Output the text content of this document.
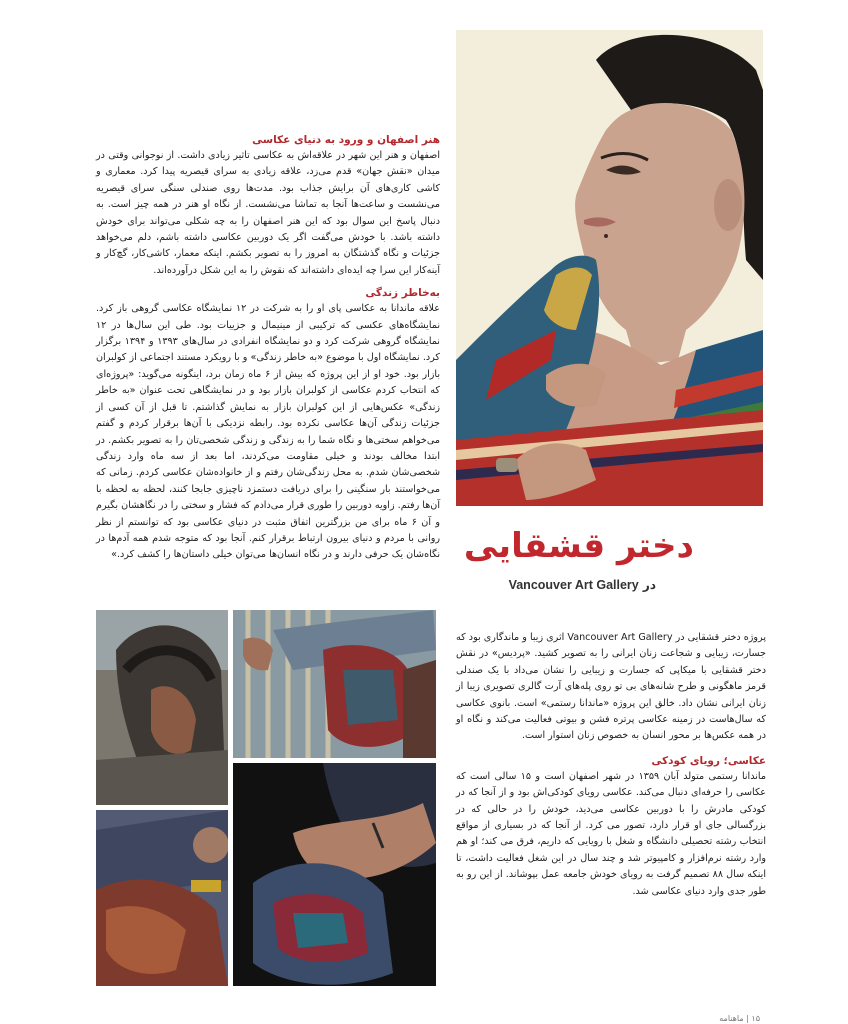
هنر اصفهان و ورود به دنیای عکاسی

اصفهان و هنر این شهر در علاقه‌اش به عکاسی تاثیر زیادی داشت. از نوجوانی وقتی در میدان «نقش جهان» قدم می‌زد، علاقه زیادی به سرای قیصریه پیدا کرد. معماری و کاشی کاری‌های آن برایش جذاب بود. مدت‌ها روی صندلی سنگی سرای قیصریه می‌نشست و ساعت‌ها آنجا به تماشا می‌نشست. از نگاه او هنر در همه چیز است. به دنبال پاسخ این سوال بود که این هنر اصفهان را به چه شکلی می‌تواند برای خودش داشته باشد. با خودش می‌گفت اگر یک دوربین عکاسی داشته باشم، دلم می‌خواهد جزئیات و نگاه گذشتگان به امروز را به تصویر بکشم. اینکه معمار، کاشی‌کار، گچ‌کار و آینه‌کار این سرا چه ایده‌ای داشته‌اند که نقوش را به این شکل درآورده‌اند.

به‌خاطر زندگی

علاقه ماندانا به عکاسی پای او را به شرکت در ۱۲ نمایشگاه عکاسی گروهی باز کرد. نمایشگاه‌های عکسی که ترکیبی از مینیمال و جزییات بود. طی این سال‌ها در ۱۲ نمایشگاه گروهی شرکت کرد و دو نمایشگاه انفرادی در سال‌های ۱۳۹۳ و ۱۳۹۴ برگزار کرد. نمایشگاه اول با موضوع «به خاطر زندگی» و با رویکرد مستند اجتماعی از کولبران بازار بود. خود او از این پروژه که بیش از ۶ ماه زمان برد، اینگونه می‌گوید: «پروژه‌ای که انتخاب کردم عکاسی از کولبران بازار بود و در نمایشگاهی تحت عنوان «به خاطر زندگی» عکس‌هایی از این کولبران بازار به نمایش گذاشتم. تا قبل از آن کسی از جزئیات زندگی آن‌ها عکاسی نکرده بود. رابطه نزدیکی با آن‌ها برقرار کردم و گفتم می‌خواهم سختی‌ها و نگاه شما را به زندگی و زندگی شخصی‌تان را به تصویر بکشم. در ابتدا مخالف بودند و خیلی مقاومت می‌کردند، اما بعد از سه ماه وارد زندگی شخصی‌شان شدم. به محل زندگی‌شان رفتم و از خانواده‌شان عکاسی کردم. زمانی که می‌خواستند بار سنگینی را برای دریافت دستمزد ناچیزی جابجا کنند، لحظه به لحظه با آن‌ها رفتم. زاویه دوربین را طوری قرار می‌دادم که فشار و سختی را در نگاهشان بگیرم و آن ۶ ماه برای من بزرگترین اتفاق مثبت در دنیای عکاسی بود که توانستم از نظر روانی با مردم و دنیای بیرون ارتباط برقرار کنم. آنجا بود که متوجه شدم همه آدم‌ها در نگاه‌شان یک حرفی دارند و در نگاه انسان‌ها می‌توان خیلی داستان‌ها را کشف کرد.» دختر قشقایی
در Vancouver Art Gallery

پروژه دختر قشقایی در Vancouver Art Gallery اثری زیبا و ماندگاری بود که جسارت، زیبایی و شجاعت زنان ایرانی را به تصویر کشید. «پردیس» در نقش دختر قشقایی با میکاپی که جسارت و زیبایی را نشان می‌داد با یک صندلی قرمز ماهگونی و طرح شانه‌های بی تو روی پله‌های آرت گالری تصویری زیبا از زنان ایرانی نشان داد. خالق این پروژه «ماندانا رستمی» است. بانوی عکاسی که سال‌هاست در زمینه عکاسی پرتره فشن و بیوتی فعالیت می‌کند و نگاه او در همه عکس‌ها بر محور انسان به خصوص زنان استوار است.

عکاسی؛ رویای کودکی

ماندانا رستمی متولد آبان ۱۳۵۹ در شهر اصفهان است و ۱۵ سالی است که عکاسی را حرفه‌ای دنبال می‌کند. عکاسی رویای کودکی‌اش بود و از آنجا که در کودکی مادرش را با دوربین عکاسی می‌دید، خودش را در حالی که در بزرگسالی جای او قرار دارد، تصور می کرد. از آنجا که در بسیاری از مواقع انتخاب رشته تحصیلی دانشگاه و شغل با رویایی که داریم، فرق می کند؛ او هم وارد رشته نرم‌افزار و کامپیوتر شد و چند سال در این شغل فعالیت داشت، تا اینکه سال ۸۸ تصمیم گرفت به رویای خودش جامعه عمل بپوشاند. از این رو به طور جدی وارد دنیای عکاسی شد.

۱۵ | ماهنامه
